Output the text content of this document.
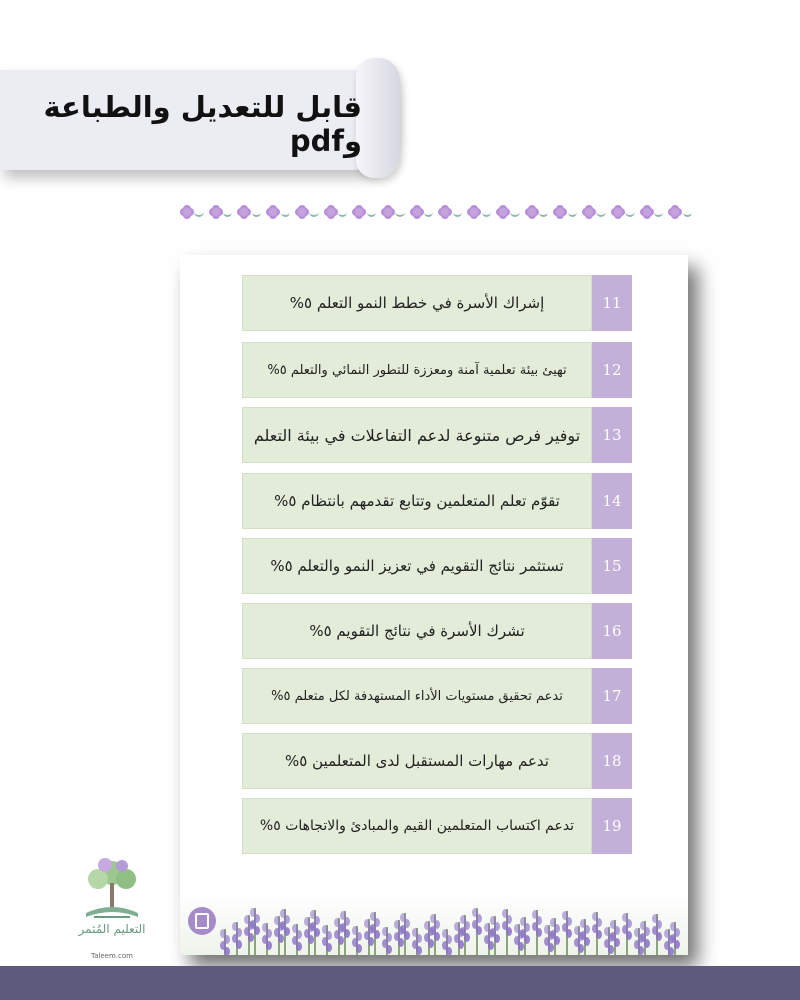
قابل للتعديل والطباعة وpdf
11
إشراك الأسرة في خطط النمو التعلم ٥%
12
تهيئ بيئة تعلمية آمنة ومعززة للتطور النمائي والتعلم ٥%
13
توفير فرص متنوعة لدعم التفاعلات في بيئة التعلم
14
تقوّم تعلم المتعلمين وتتابع تقدمهم بانتظام ٥%
15
تستثمر نتائج التقويم في تعزيز النمو والتعلم ٥%
16
تشرك الأسرة في نتائج التقويم ٥%
17
تدعم تحقيق مستويات الأداء المستهدفة لكل متعلم ٥%
18
تدعم مهارات المستقبل لدى المتعلمين ٥%
19
تدعم اكتساب المتعلمين القيم والمبادئ والاتجاهات ٥%
التعليم المُثمر
Taleem.com
